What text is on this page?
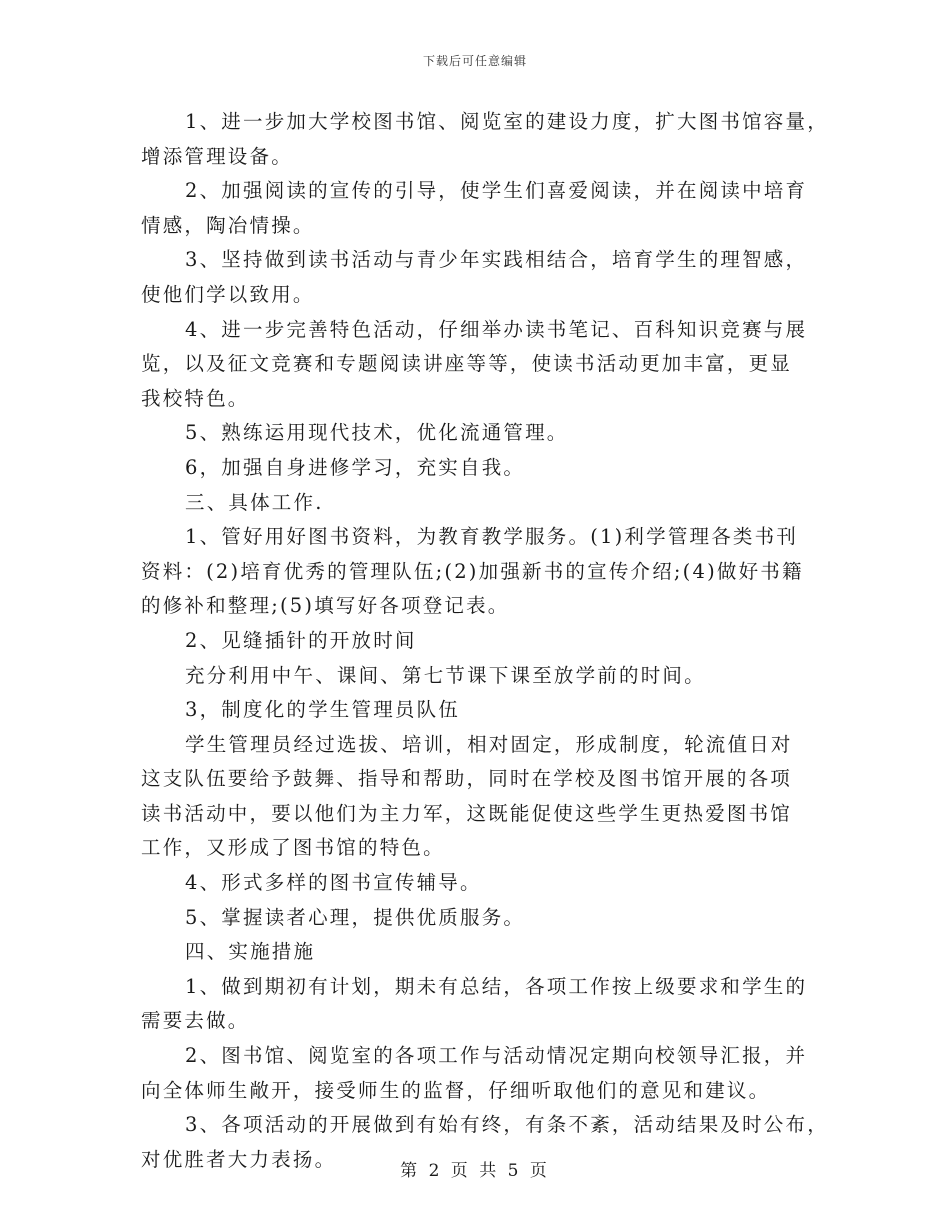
下载后可任意编辑
1、进一步加大学校图书馆、阅览室的建设力度，扩大图书馆容量，
增添管理设备。
2、加强阅读的宣传的引导，使学生们喜爱阅读，并在阅读中培育
情感，陶冶情操。
3、坚持做到读书活动与青少年实践相结合，培育学生的理智感，
使他们学以致用。
4、进一步完善特色活动，仔细举办读书笔记、百科知识竞赛与展
览，以及征文竞赛和专题阅读讲座等等，使读书活动更加丰富，更显
我校特色。
5、熟练运用现代技术，优化流通管理。
6，加强自身进修学习，充实自我。
三、具体工作.
1、管好用好图书资料，为教育教学服务。(1)利学管理各类书刊
资料：(2)培育优秀的管理队伍;(2)加强新书的宣传介绍;(4)做好书籍
的修补和整理;(5)填写好各项登记表。
2、见缝插针的开放时间
充分利用中午、课间、第七节课下课至放学前的时间。
3，制度化的学生管理员队伍
学生管理员经过选拔、培训，相对固定，形成制度，轮流值日对
这支队伍要给予鼓舞、指导和帮助，同时在学校及图书馆开展的各项
读书活动中，要以他们为主力军，这既能促使这些学生更热爱图书馆
工作，又形成了图书馆的特色。
4、形式多样的图书宣传辅导。
5、掌握读者心理，提供优质服务。
四、实施措施
1、做到期初有计划，期未有总结，各项工作按上级要求和学生的
需要去做。
2、图书馆、阅览室的各项工作与活动情况定期向校领导汇报，并
向全体师生敞开，接受师生的监督，仔细听取他们的意见和建议。
3、各项活动的开展做到有始有终，有条不紊，活动结果及时公布，
对优胜者大力表扬。
第 2 页 共 5 页
